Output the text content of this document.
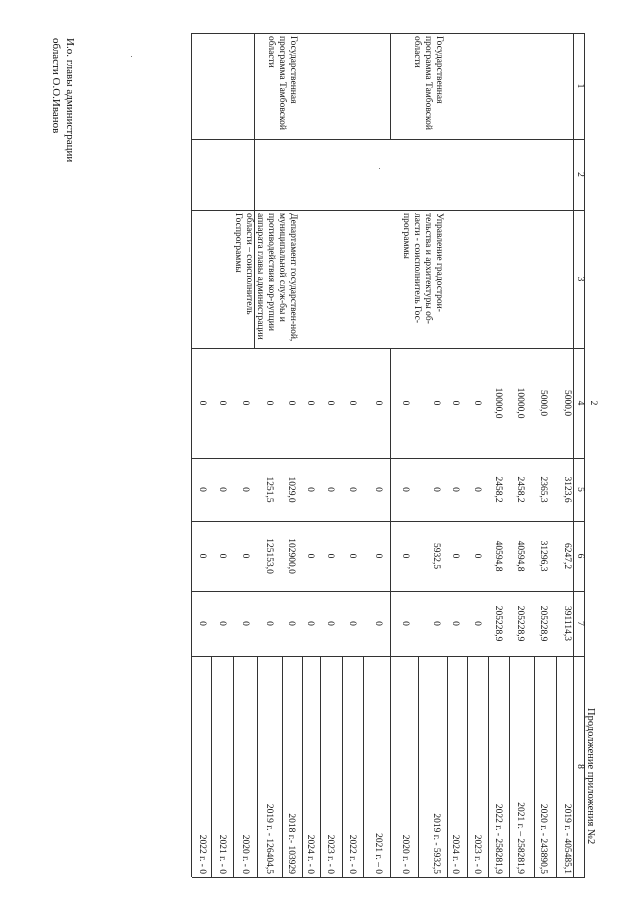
2
Продолжение приложения №2
1
2
3
4
5
6
7
8
2019 г. - 405485,1
2020 г. - 243890,5
2021 г. – 258281,9
2022 г. - 258281,9
2023 г. - 0
2024 г. - 0
391114,3
6247,2
3123,6
5000,0
205228,9
31296,3
2365,3
5000,0
205228,9
40594,8
2458,2
10000,0
205228,9
40594,8
2458,2
10000,0
0
0
0
0
0
0
0
0
Государственная программа Тамбовской области
Управление градострои-тельства и архитектуры об-ласти - соисполнитель Гос-программы
2019 г. - 5932,5
2020 г. - 0
2021 г. – 0
2022 г. - 0
2023 г. - 0
2024 г. - 0
0
5932,5
0
0
0
0
0
0
0
0
0
0
0
0
0
0
0
0
0
0
0
0
0
0
Государственная программа Тамбовской области
Департамент государствен-ной, муниципальной служ-бы и противодействия кор-рупции аппарата главы администрации области – соисполнитель Госпрограммы
2018 г.- 103929
2019 г. - 126404,5
2020 г. - 0
2021 г. - 0
2022 г. - 0
0
102900,0
1029,0
0
0
125153,0
1251,5
0
0
0
0
0
0
0
0
0
0
0
0
0
И.о. главы администрации
области О.О.Иванов
